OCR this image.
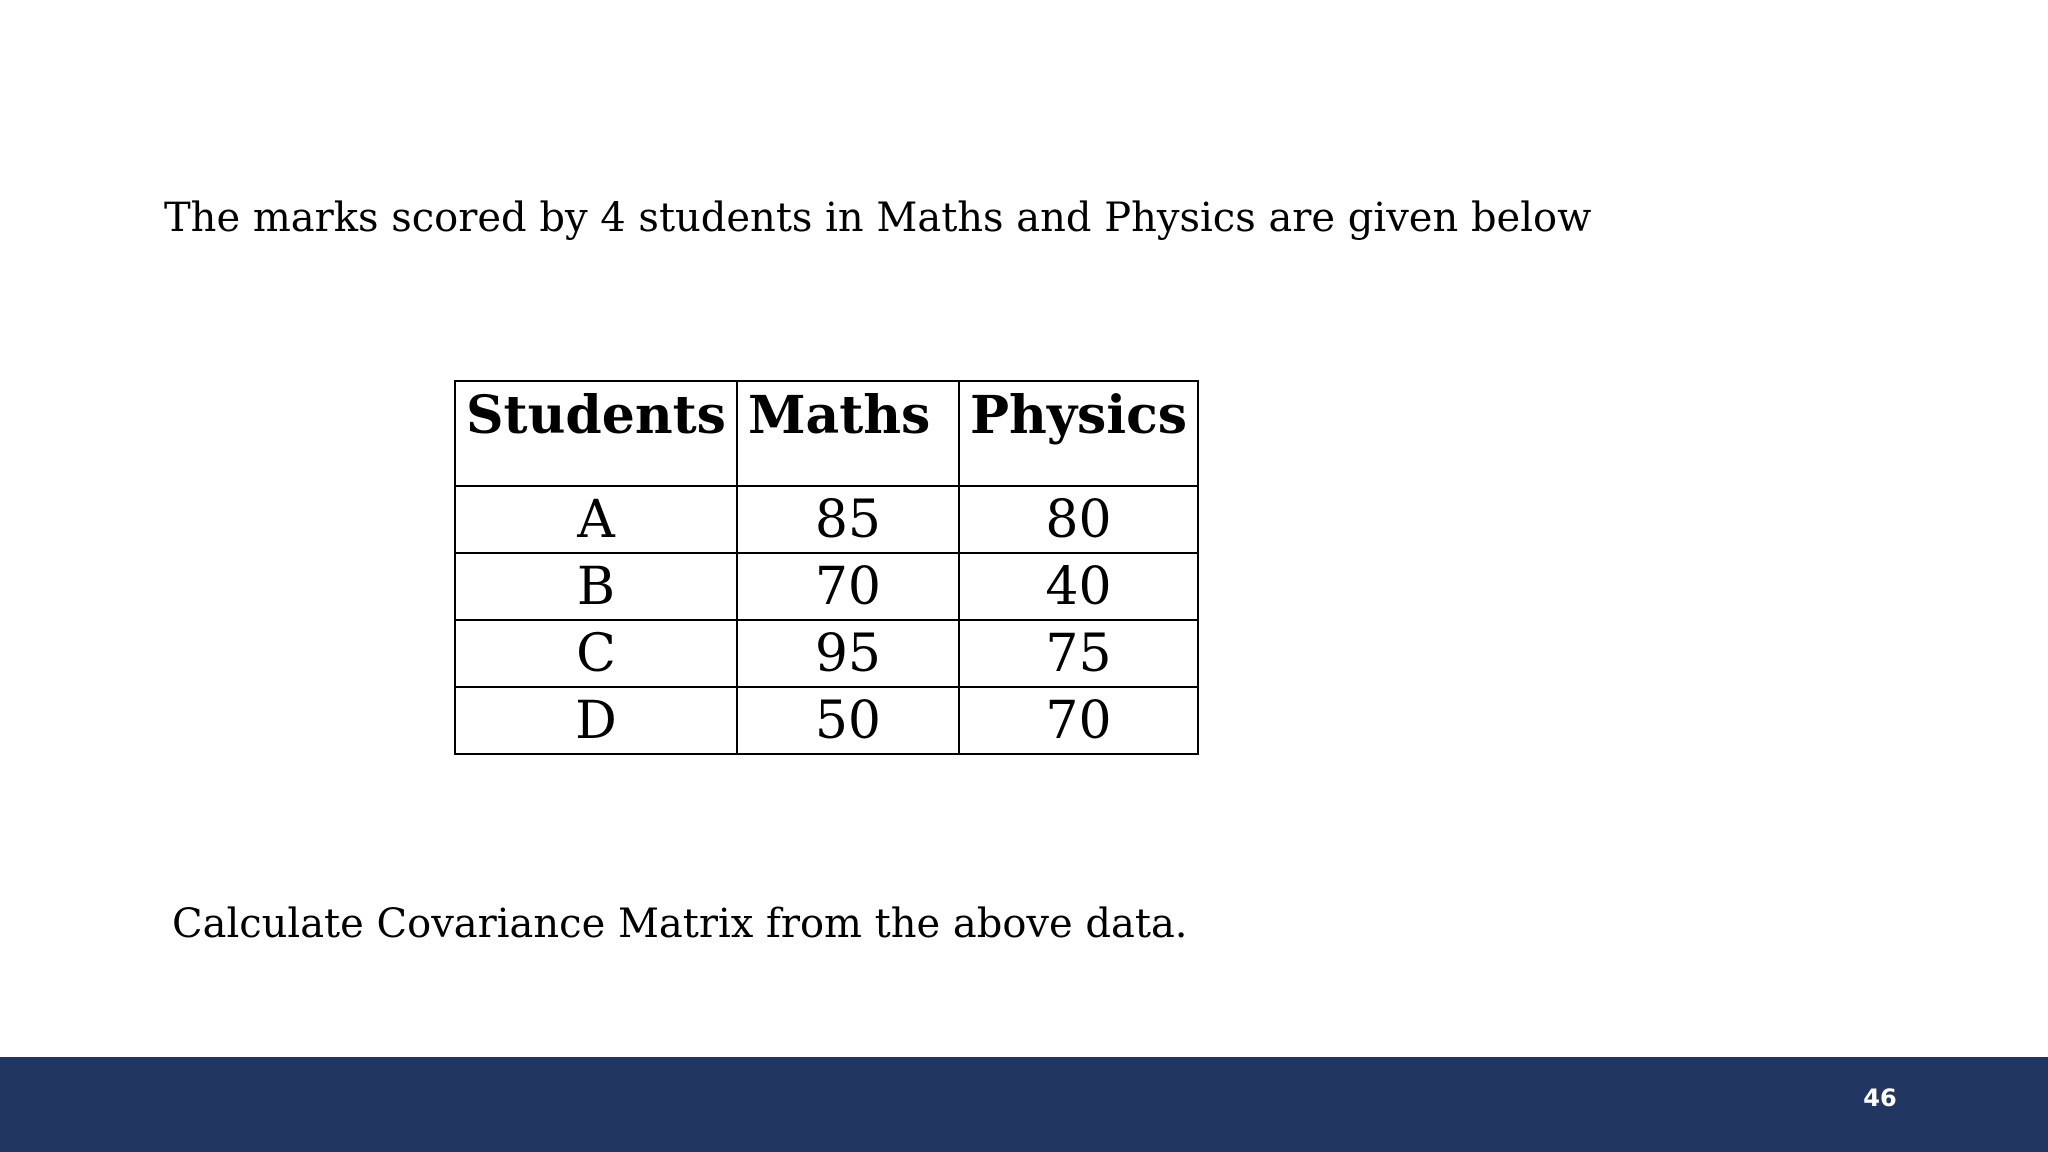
The marks scored by 4 students in Maths and Physics are given below
Students	Maths	Physics
A	85	80
B	70	40
C	95	75
D	50	70
Calculate Covariance Matrix from the above data.
46
